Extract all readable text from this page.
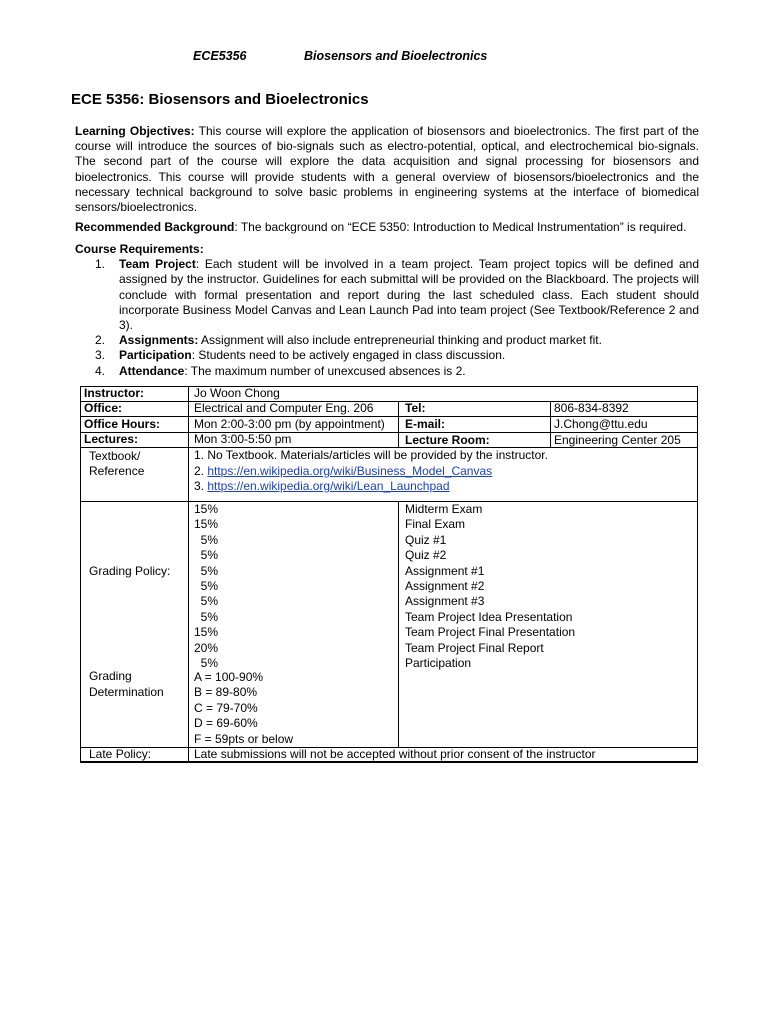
ECE5356	Biosensors and Bioelectronics
ECE 5356: Biosensors and Bioelectronics
Learning Objectives: This course will explore the application of biosensors and bioelectronics. The first part of the course will introduce the sources of bio-signals such as electro-potential, optical, and electrochemical bio-signals. The second part of the course will explore the data acquisition and signal processing for biosensors and bioelectronics. This course will provide students with a general overview of biosensors/bioelectronics and the necessary technical background to solve basic problems in engineering systems at the interface of biomedical sensors/bioelectronics.
Recommended Background: The background on “ECE 5350: Introduction to Medical Instrumentation” is required.
Course Requirements:
1. Team Project: Each student will be involved in a team project. Team project topics will be defined and assigned by the instructor. Guidelines for each submittal will be provided on the Blackboard. The projects will conclude with formal presentation and report during the last scheduled class. Each student should incorporate Business Model Canvas and Lean Launch Pad into team project (See Textbook/Reference 2 and 3).
2. Assignments: Assignment will also include entrepreneurial thinking and product market fit.
3. Participation: Students need to be actively engaged in class discussion.
4. Attendance: The maximum number of unexcused absences is 2.
Instructor:	Jo Woon Chong
Office:	Electrical and Computer Eng. 206	Tel:	806-834-8392
Office Hours:	Mon 2:00-3:00 pm (by appointment) E-mail:	J.Chong@ttu.edu
Lectures:	Mon 3:00-5:50 pm	Lecture Room:	Engineering Center 205
Textbook/
Reference
1. No Textbook. Materials/articles will be provided by the instructor.
2. https://en.wikipedia.org/wiki/Business_Model_Canvas
3. https://en.wikipedia.org/wiki/Lean_Launchpad
Grading Policy:
15%	Midterm Exam
15%	Final Exam
5%	Quiz #1
5%	Quiz #2
5%	Assignment #1
5%	Assignment #2
5%	Assignment #3
5%	Team Project Idea Presentation
15%	Team Project Final Presentation
20%	Team Project Final Report
5%	Participation
Grading
Determination
A = 100-90%
B = 89-80%
C = 79-70%
D = 69-60%
F = 59pts or below
Late Policy:	Late submissions will not be accepted without prior consent of the instructor
